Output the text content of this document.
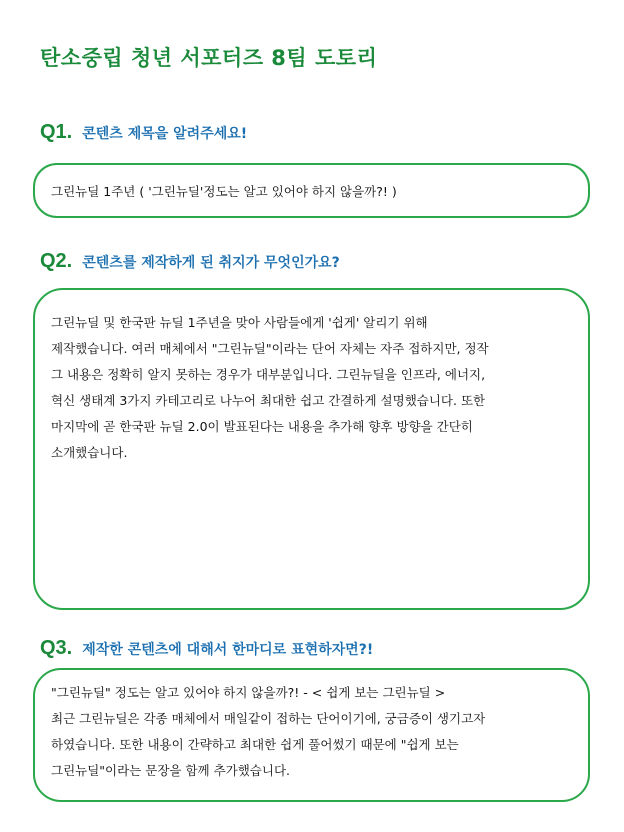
탄소중립 청년 서포터즈 8팀 도토리
Q1. 콘텐츠 제목을 알려주세요!
그린뉴딜 1주년 ( '그린뉴딜'정도는 알고 있어야 하지 않을까?! )
Q2. 콘텐츠를 제작하게 된 취지가 무엇인가요?
그린뉴딜 및 한국판 뉴딜 1주년을 맞아 사람들에게 '쉽게' 알리기 위해
제작했습니다. 여러 매체에서 "그린뉴딜"이라는 단어 자체는 자주 접하지만, 정작
그 내용은 정확히 알지 못하는 경우가 대부분입니다. 그린뉴딜을 인프라, 에너지,
혁신 생태계 3가지 카테고리로 나누어 최대한 쉽고 간결하게 설명했습니다. 또한
마지막에 곧 한국판 뉴딜 2.0이 발표된다는 내용을 추가해 향후 방향을 간단히
소개했습니다.
Q3. 제작한 콘텐츠에 대해서 한마디로 표현하자면?!
"그린뉴딜" 정도는 알고 있어야 하지 않을까?! - < 쉽게 보는 그린뉴딜 >
최근 그린뉴딜은 각종 매체에서 매일같이 접하는 단어이기에, 궁금증이 생기고자
하였습니다. 또한 내용이 간략하고 최대한 쉽게 풀어썼기 때문에 "쉽게 보는
그린뉴딜"이라는 문장을 함께 추가했습니다.
